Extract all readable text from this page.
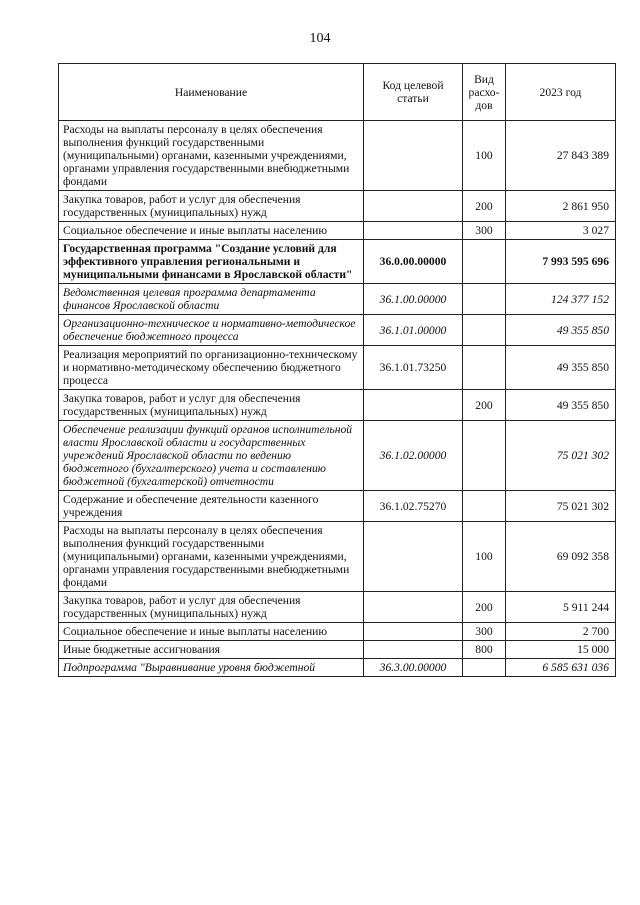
104
Наименование	Код целевой статьи	Вид расхо-дов	2023 год
Расходы на выплаты персоналу в целях обеспечения выполнения функций государственными (муниципальными) органами, казенными учреждениями, органами управления государственными внебюджетными фондами		100	27 843 389
Закупка товаров, работ и услуг для обеспечения государственных (муниципальных) нужд		200	2 861 950
Социальное обеспечение и иные выплаты населению		300	3 027
Государственная программа "Создание условий для эффективного управления региональными и муниципальными финансами в Ярославской области"	36.0.00.00000		7 993 595 696
Ведомственная целевая программа департамента финансов Ярославской области	36.1.00.00000		124 377 152
Организационно-техническое и нормативно-методическое обеспечение бюджетного процесса	36.1.01.00000		49 355 850
Реализация мероприятий по организационно-техническому и нормативно-методическому обеспечению бюджетного процесса	36.1.01.73250		49 355 850
Закупка товаров, работ и услуг для обеспечения государственных (муниципальных) нужд		200	49 355 850
Обеспечение реализации функций органов исполнительной власти Ярославской области и государственных учреждений Ярославской области по ведению бюджетного (бухгалтерского) учета и составлению бюджетной (бухгалтерской) отчетности	36.1.02.00000		75 021 302
Содержание и обеспечение деятельности казенного учреждения	36.1.02.75270		75 021 302
Расходы на выплаты персоналу в целях обеспечения выполнения функций государственными (муниципальными) органами, казенными учреждениями, органами управления государственными внебюджетными фондами		100	69 092 358
Закупка товаров, работ и услуг для обеспечения государственных (муниципальных) нужд		200	5 911 244
Социальное обеспечение и иные выплаты населению		300	2 700
Иные бюджетные ассигнования		800	15 000
Подпрограмма "Выравнивание уровня бюджетной	36.3.00.00000		6 585 631 036
